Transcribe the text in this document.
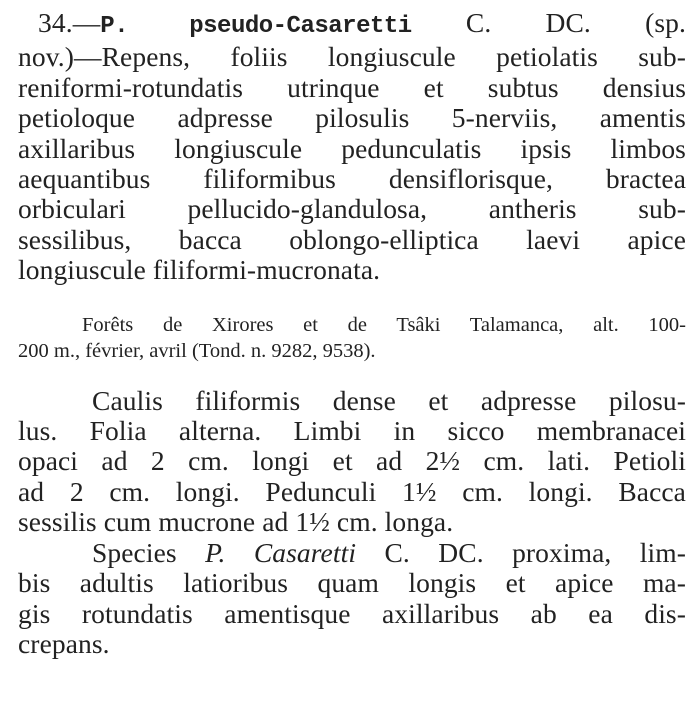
34.—P. pseudo-Casaretti C. DC. (sp.
nov.)—Repens, foliis longiuscule petiolatis sub-
reniformi-rotundatis utrinque et subtus densius
petioloque adpresse pilosulis 5-nerviis, amentis
axillaribus longiuscule pedunculatis ipsis limbos
aequantibus filiformibus densiflorisque, bractea
orbiculari pellucido-glandulosa, antheris sub-
sessilibus, bacca oblongo-elliptica laevi apice
longiuscule filiformi-mucronata.
Forêts de Xirores et de Tsâki Talamanca, alt. 100-
200 m., février, avril (Tond. n. 9282, 9538).
Caulis filiformis dense et adpresse pilosu-
lus. Folia alterna. Limbi in sicco membranacei
opaci ad 2 cm. longi et ad 2½ cm. lati. Petioli
ad 2 cm. longi. Pedunculi 1½ cm. longi. Bacca
sessilis cum mucrone ad 1½ cm. longa.
Species P. Casaretti C. DC. proxima, lim-
bis adultis latioribus quam longis et apice ma-
gis rotundatis amentisque axillaribus ab ea dis-
crepans.
